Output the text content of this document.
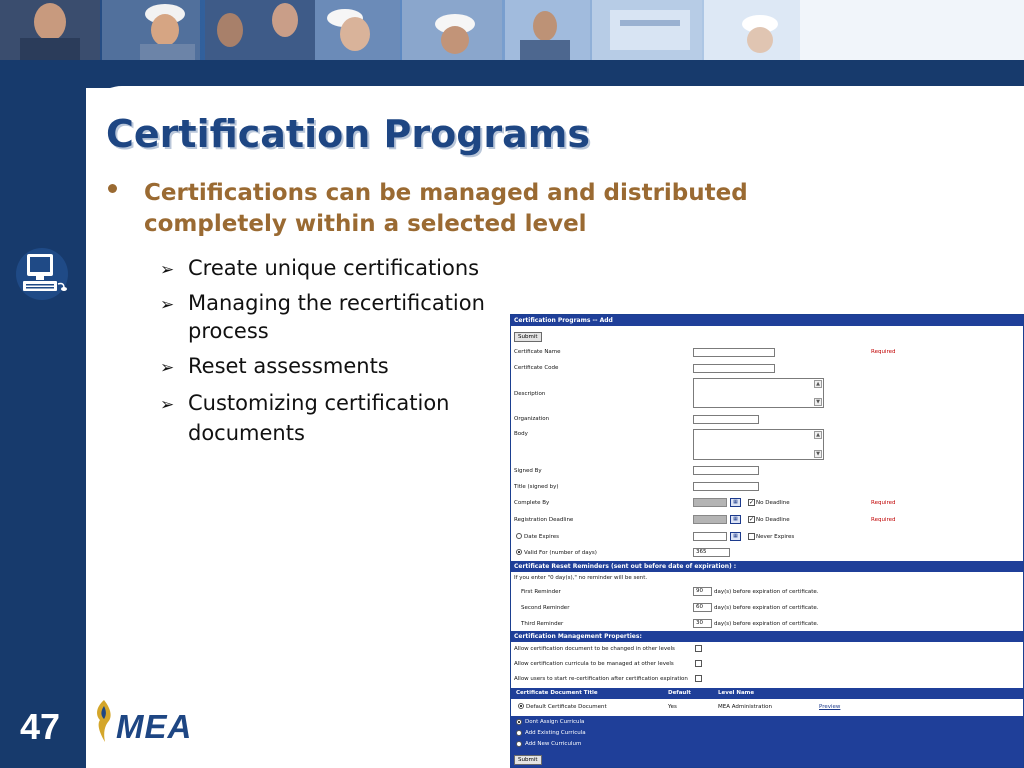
Certification Programs
Certifications can be managed and distributed completely within a selected level
➢ Create unique certifications
➢ Managing the recertification process
➢ Reset assessments
➢ Customizing certification documents
47 MEA
Certification Programs -- Add
Submit
Certificate Name	Required
Certificate Code
Description
▲
▼
Organization
Body	▲
▼
Signed By
Title (signed by)
Complete By	▦	✓ No Deadline	Required
Registration Deadline	▦	✓ No Deadline	Required
Date Expires	▦	Never Expires
Valid For (number of days)	365
Certificate Reset Reminders (sent out before date of expiration) :
If you enter "0 day(s)," no reminder will be sent.
First Reminder	90	day(s) before expiration of certificate.
Second Reminder	60	day(s) before expiration of certificate.
Third Reminder	30	day(s) before expiration of certificate.
Certification Management Properties:
Allow certification document to be changed in other levels
Allow certification curricula to be managed at other levels
Allow users to start re-certification after certification expiration
Certificate Document Title	Default	Level Name
Default Certificate Document	Yes	MEA Administration	Preview
Dont Assign Curricula
Add Existing Curricula
Add New Curriculum
Submit
